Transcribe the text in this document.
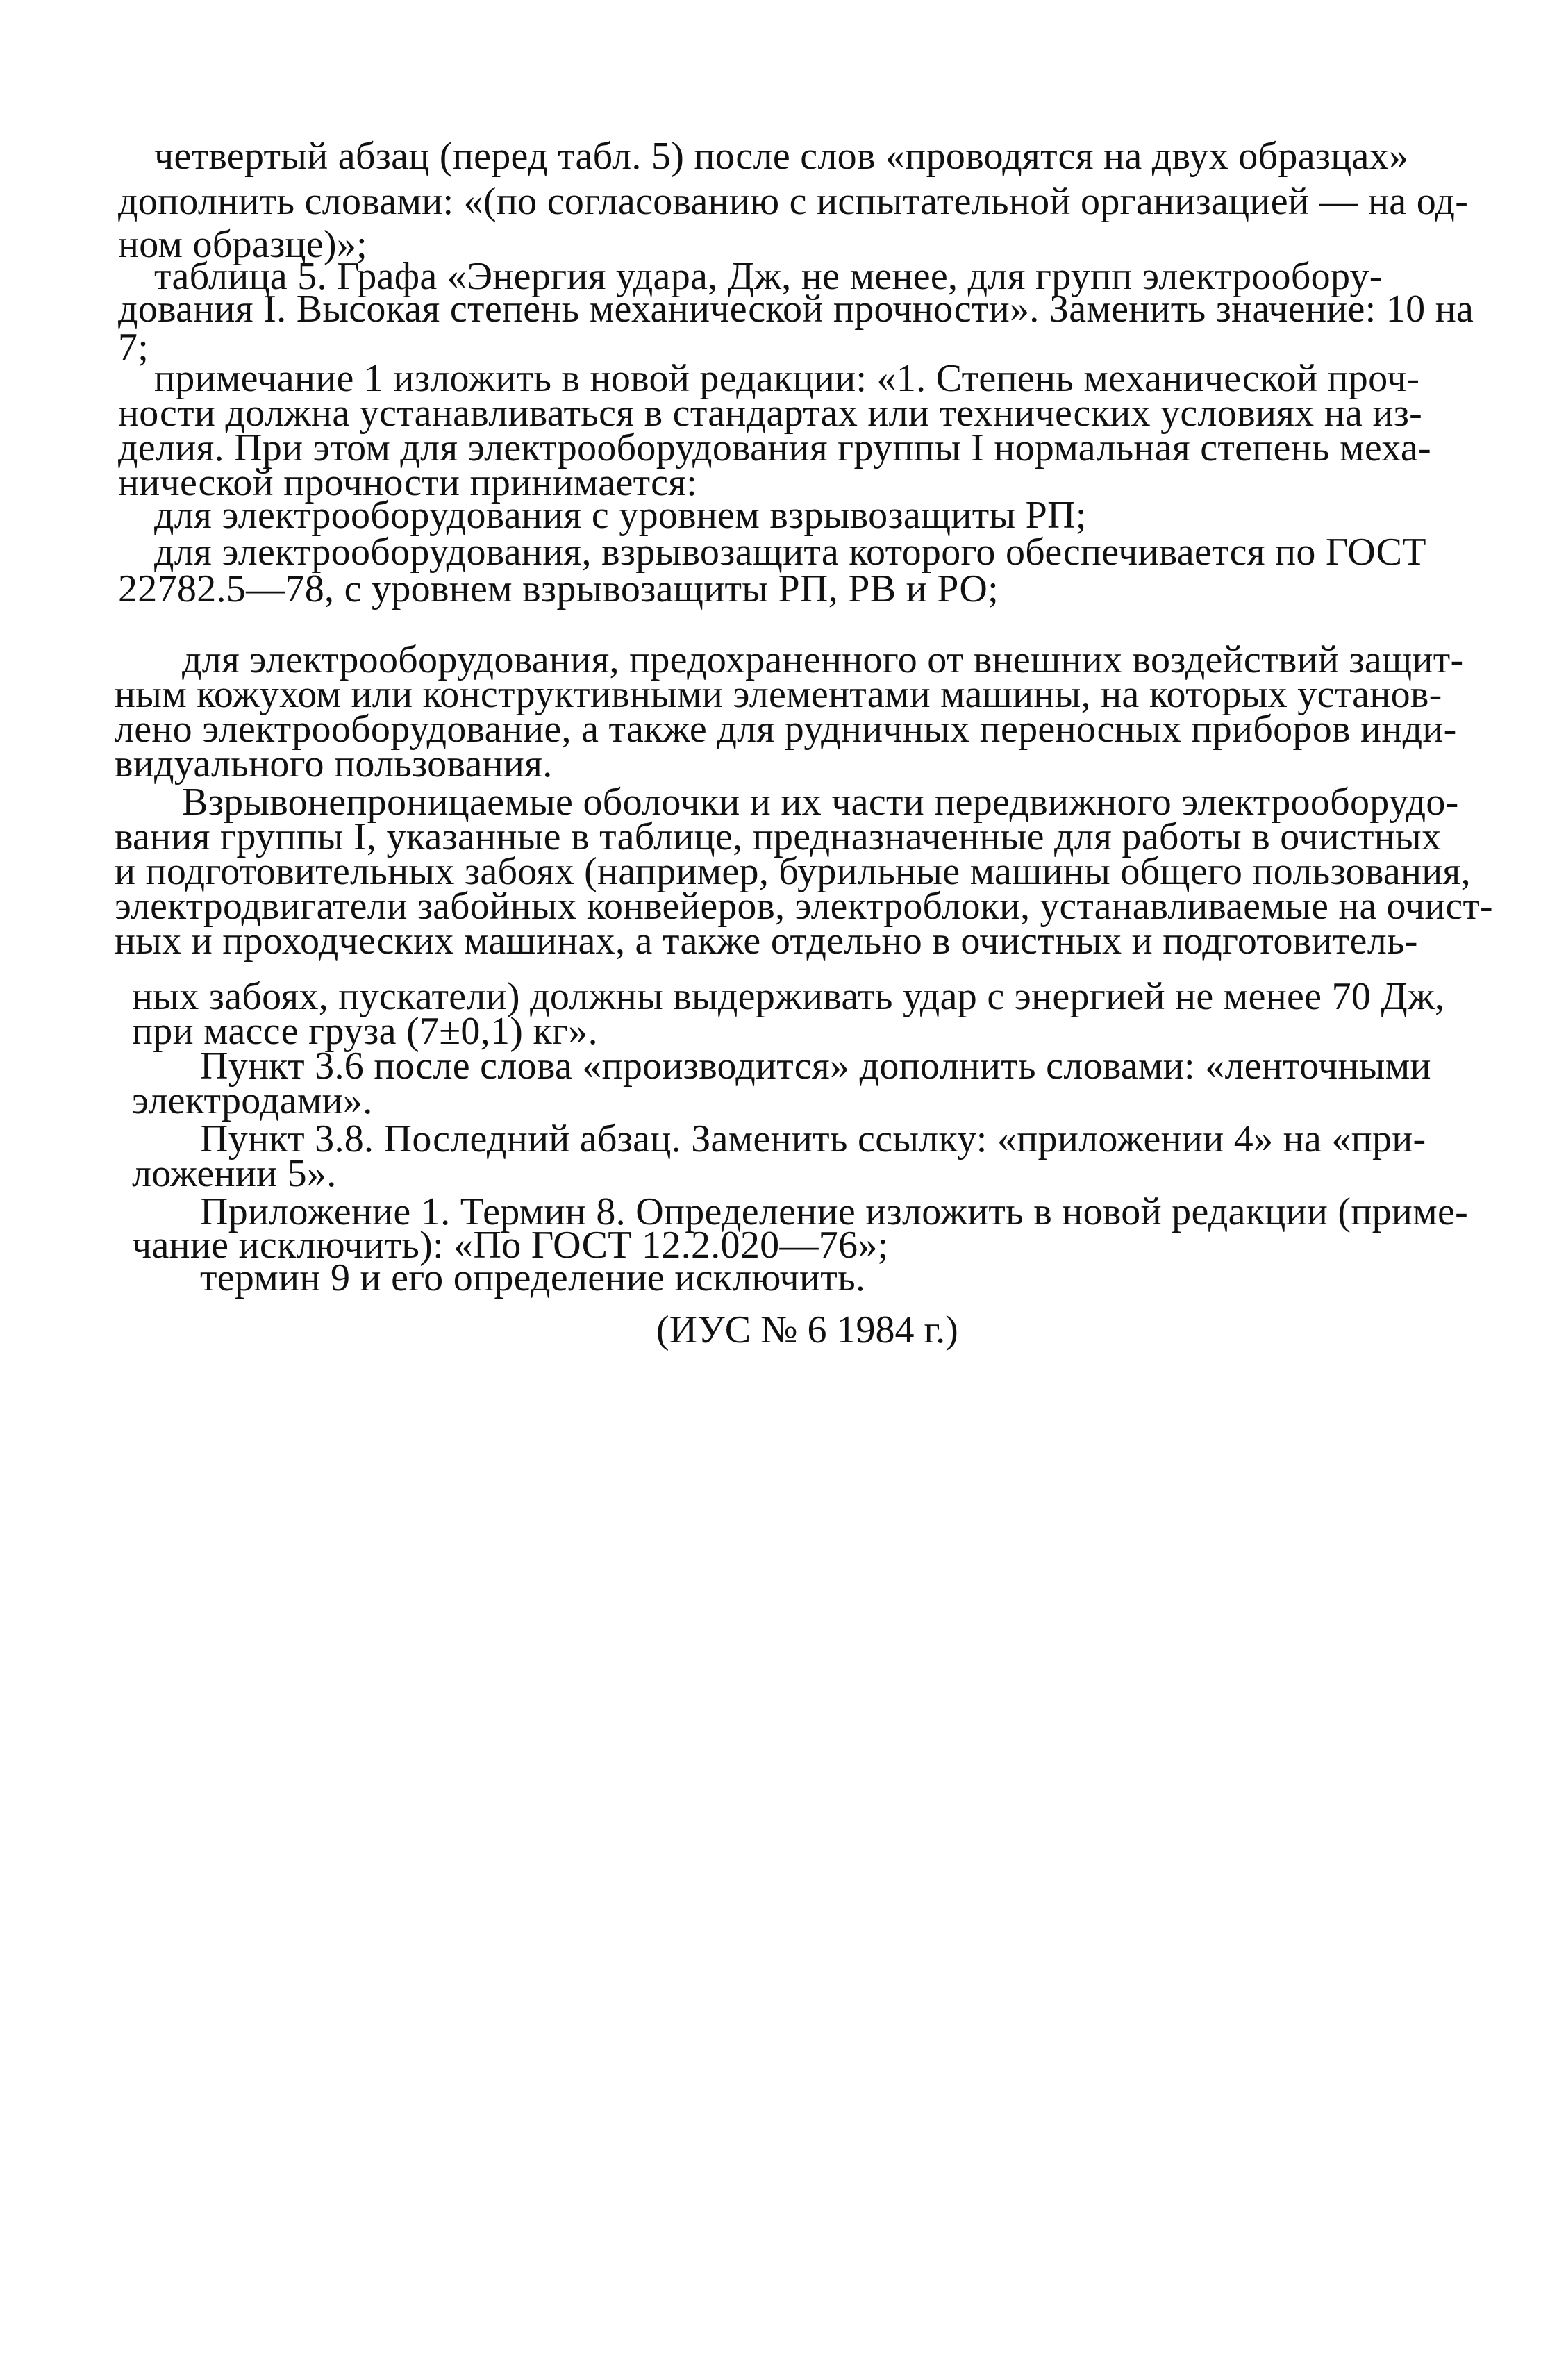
четвертый абзац (перед табл. 5) после слов «проводятся на двух образцах»
дополнить словами: «(по согласованию с испытательной организацией — на од-
ном образце)»;
таблица 5. Графа «Энергия удара, Дж, не менее, для групп электрообору-
дования I. Высокая степень механической прочности». Заменить значение: 10 на
7;
примечание 1 изложить в новой редакции: «1. Степень механической проч-
ности должна устанавливаться в стандартах или технических условиях на из-
делия. При этом для электрооборудования группы I нормальная степень меха-
нической прочности принимается:
для электрооборудования с уровнем взрывозащиты РП;
для электрооборудования, взрывозащита которого обеспечивается по ГОСТ
22782.5—78, с уровнем взрывозащиты РП, РВ и РО;
для электрооборудования, предохраненного от внешних воздействий защит-
ным кожухом или конструктивными элементами машины, на которых установ-
лено электрооборудование, а также для рудничных переносных приборов инди-
видуального пользования.
Взрывонепроницаемые оболочки и их части передвижного электрооборудо-
вания группы I, указанные в таблице, предназначенные для работы в очистных
и подготовительных забоях (например, бурильные машины общего пользования,
электродвигатели забойных конвейеров, электроблоки, устанавливаемые на очист-
ных и проходческих машинах, а также отдельно в очистных и подготовитель-
ных забоях, пускатели) должны выдерживать удар с энергией не менее 70 Дж,
при массе груза (7±0,1) кг».
Пункт 3.6 после слова «производится» дополнить словами: «ленточными
электродами».
Пункт 3.8. Последний абзац. Заменить ссылку: «приложении 4» на «при-
ложении 5».
Приложение 1. Термин 8. Определение изложить в новой редакции (приме-
чание исключить): «По ГОСТ 12.2.020—76»;
термин 9 и его определение исключить.
(ИУС № 6 1984 г.)
